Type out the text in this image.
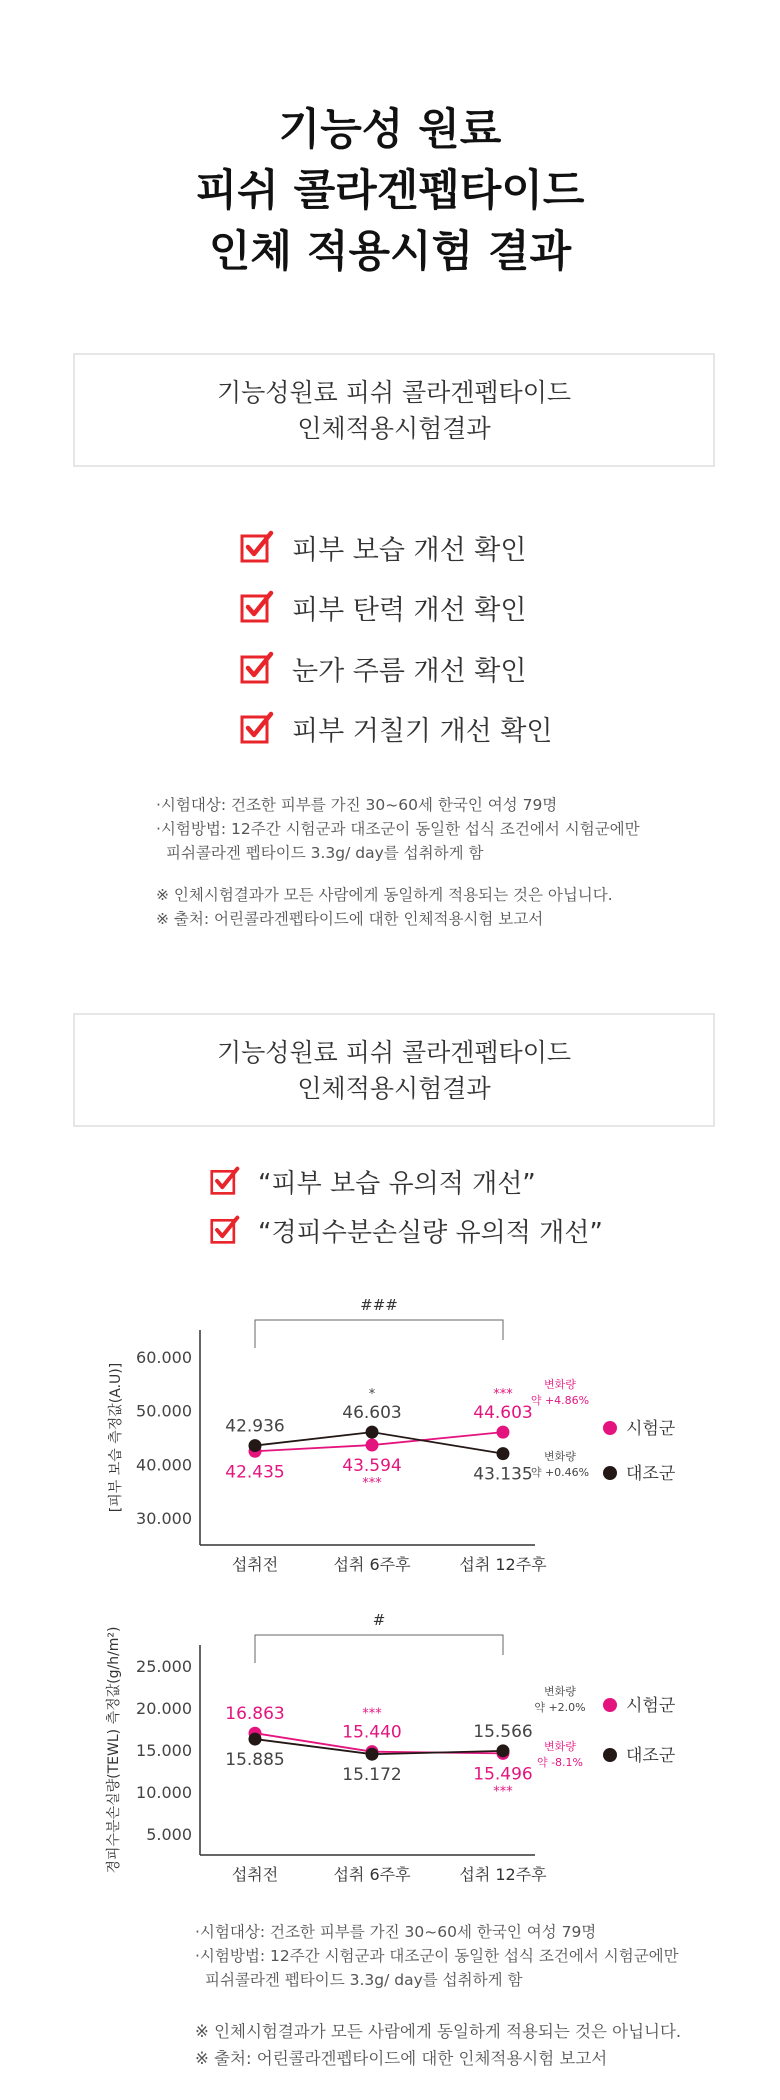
기능성 원료
피쉬 콜라겐펩타이드
인체 적용시험 결과
기능성원료 피쉬 콜라겐펩타이드
인체적용시험결과
피부 보습 개선 확인
피부 탄력 개선 확인
눈가 주름 개선 확인
피부 거칠기 개선 확인
·시험대상: 건조한 피부를 가진 30~60세 한국인 여성 79명
·시험방법: 12주간 시험군과 대조군이 동일한 섭식 조건에서 시험군에만
피쉬콜라겐 펩타이드 3.3g/ day를 섭취하게 함
※ 인체시험결과가 모든 사람에게 동일하게 적용되는 것은 아닙니다.
※ 출처: 어린콜라겐펩타이드에 대한 인체적용시험 보고서
기능성원료 피쉬 콜라겐펩타이드
인체적용시험결과
“피부 보습 유의적 개선”
“경피수분손실량 유의적 개선”
30.000
40.000
50.000
60.000
[피부 보습 측정값(A.U)]
섭취전	섭취 6주후	섭취 12주후
###
42.435	43.594
***
44.603
***
변화량
약 +4.86%
시험군
42.936
46.603
*
43.135
변화량
약 +0.46% 대조군
5.000
10.000
15.000
20.000
25.000
경피수분손실량(TEWL) 측정값(g/h/m²)
섭취전	섭취 6주후	섭취 12주후
#
16.863
15.440
***
15.496
***
변화량
약 -8.1%
시험군
15.885
15.172
15.566
변화량
약 +2.0%
대조군
·시험대상: 건조한 피부를 가진 30~60세 한국인 여성 79명
·시험방법: 12주간 시험군과 대조군이 동일한 섭식 조건에서 시험군에만
피쉬콜라겐 펩타이드 3.3g/ day를 섭취하게 함
※ 인체시험결과가 모든 사람에게 동일하게 적용되는 것은 아닙니다.
※ 출처: 어린콜라겐펩타이드에 대한 인체적용시험 보고서
